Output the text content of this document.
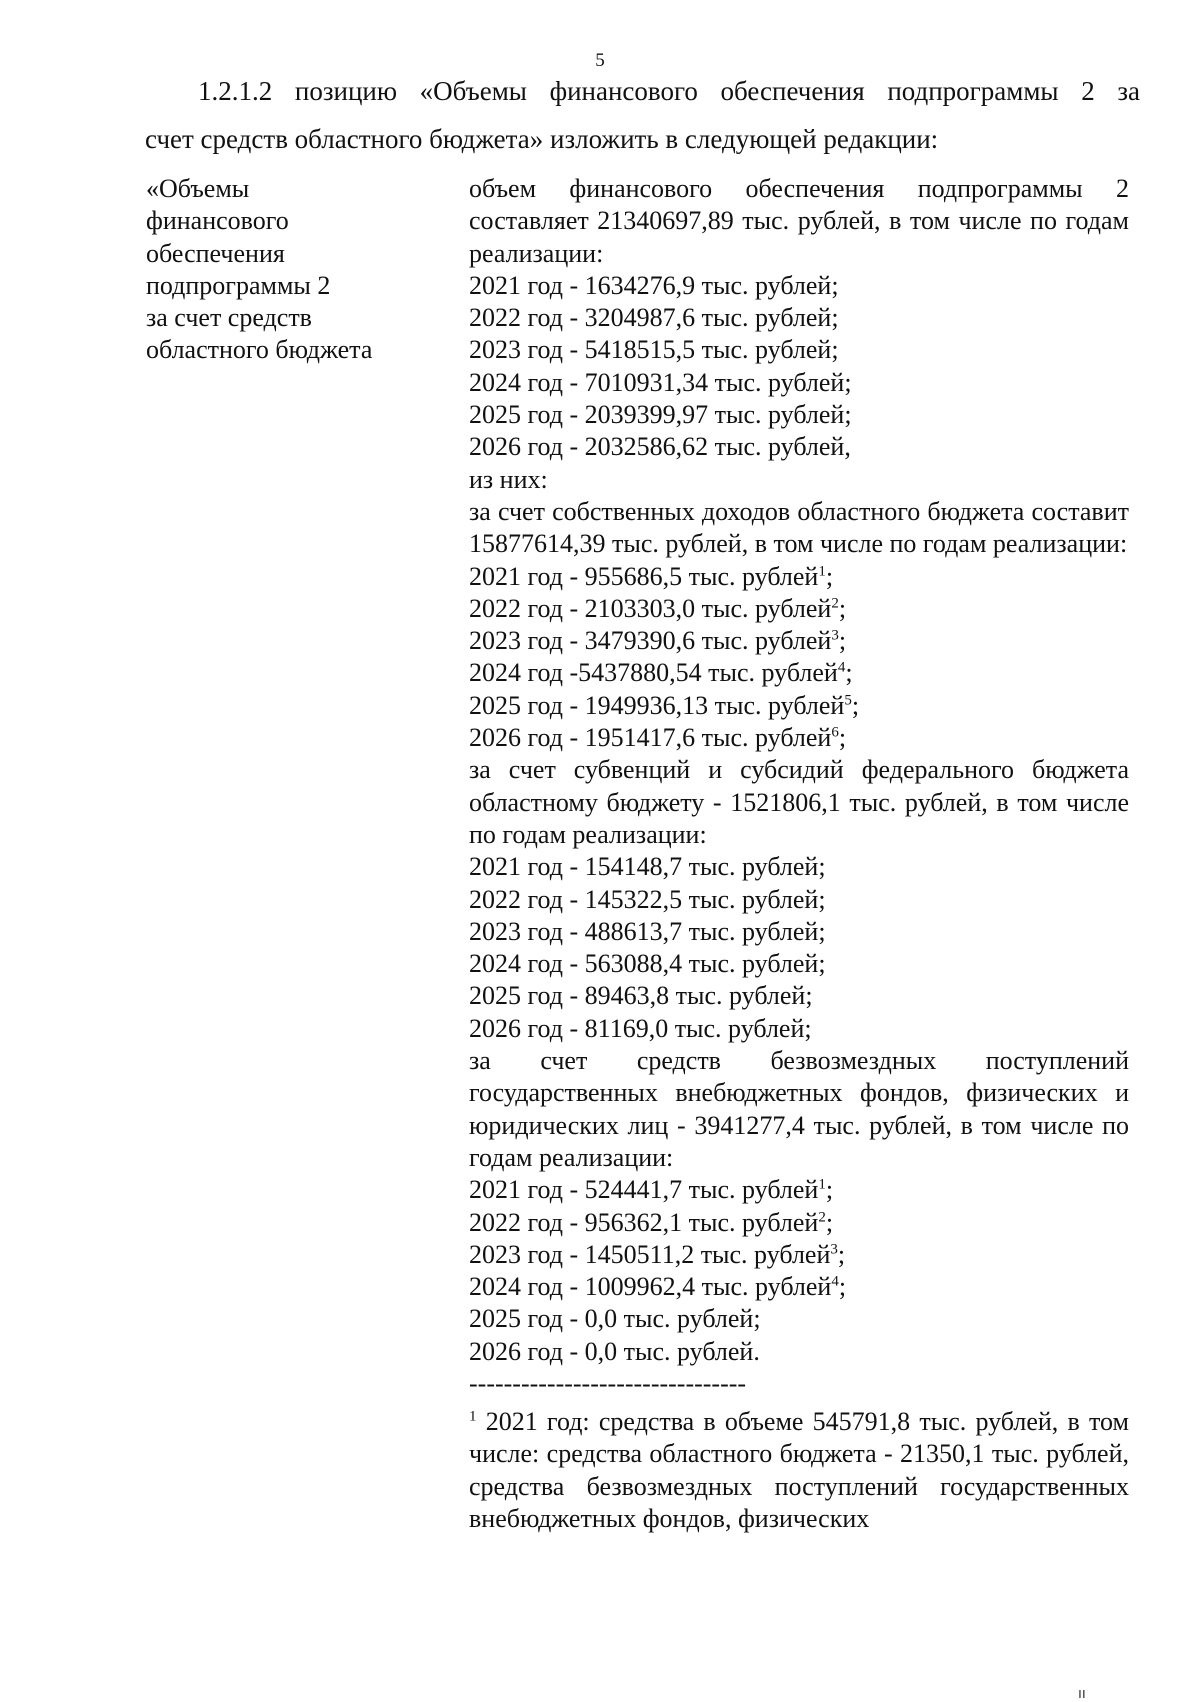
5
1.2.1.2 позицию «Объемы финансового обеспечения подпрограммы 2 за
счет средств областного бюджета» изложить в следующей редакции:
«Объемы
финансового
обеспечения
подпрограммы 2
за счет средств
областного бюджета
объем финансового обеспечения подпрограммы 2 составляет 21340697,89 тыс. рублей, в том числе по годам реализации:
2021 год - 1634276,9 тыс. рублей;
2022 год - 3204987,6 тыс. рублей;
2023 год - 5418515,5 тыс. рублей;
2024 год - 7010931,34 тыс. рублей;
2025 год - 2039399,97 тыс. рублей;
2026 год - 2032586,62 тыс. рублей,
из них:
за счет собственных доходов областного бюджета составит 15877614,39 тыс. рублей, в том числе по годам реализации:
2021 год - 955686,5 тыс. рублей$^1$;
2022 год - 2103303,0 тыс. рублей$^2$;
2023 год - 3479390,6 тыс. рублей$^3$;
2024 год -5437880,54 тыс. рублей$^4$;
2025 год - 1949936,13 тыс. рублей$^5$;
2026 год - 1951417,6 тыс. рублей$^6$;
за счет субвенций и субсидий федерального бюджета областному бюджету - 1521806,1 тыс. рублей, в том числе по годам реализации:
2021 год - 154148,7 тыс. рублей;
2022 год - 145322,5 тыс. рублей;
2023 год - 488613,7 тыс. рублей;
2024 год - 563088,4 тыс. рублей;
2025 год - 89463,8 тыс. рублей;
2026 год - 81169,0 тыс. рублей;
за счет средств безвозмездных поступлений государственных внебюджетных фондов, физических и юридических лиц - 3941277,4 тыс. рублей, в том числе по годам реализации:
2021 год - 524441,7 тыс. рублей$^1$;
2022 год - 956362,1 тыс. рублей$^2$;
2023 год - 1450511,2 тыс. рублей$^3$;
2024 год - 1009962,4 тыс. рублей$^4$;
2025 год - 0,0 тыс. рублей;
2026 год - 0,0 тыс. рублей.
--------------------------------
$^1$ 2021 год: средства в объеме 545791,8 тыс. рублей, в том числе: средства областного бюджета - 21350,1 тыс. рублей, средства безвозмездных поступлений государственных внебюджетных фондов, физических
ıı
